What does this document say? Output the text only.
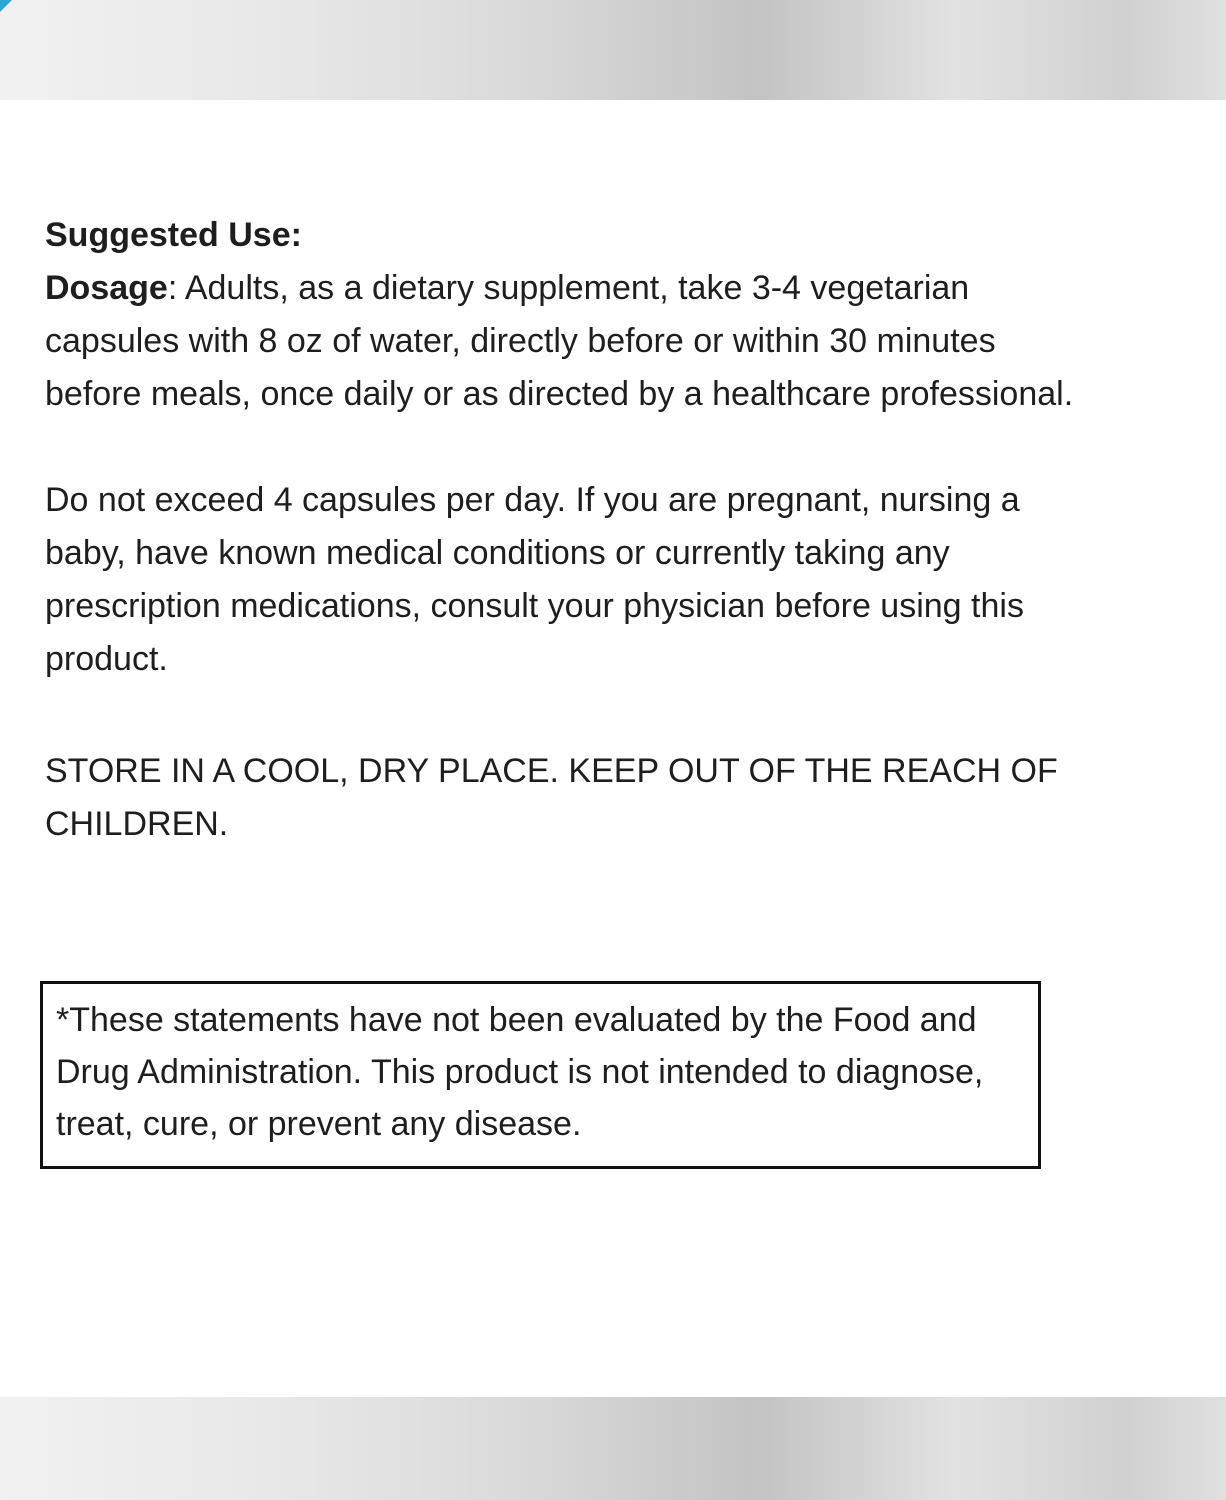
Suggested Use:

Dosage: Adults, as a dietary supplement, take 3-4 vegetarian capsules with 8 oz of water, directly before or within 30 minutes before meals, once daily or as directed by a healthcare professional.

Do not exceed 4 capsules per day. If you are pregnant, nursing a baby, have known medical conditions or currently taking any prescription medications, consult your physician before using this product.

STORE IN A COOL, DRY PLACE. KEEP OUT OF THE REACH OF CHILDREN.

*These statements have not been evaluated by the Food and Drug Administration. This product is not intended to diagnose, treat, cure, or prevent any disease.
